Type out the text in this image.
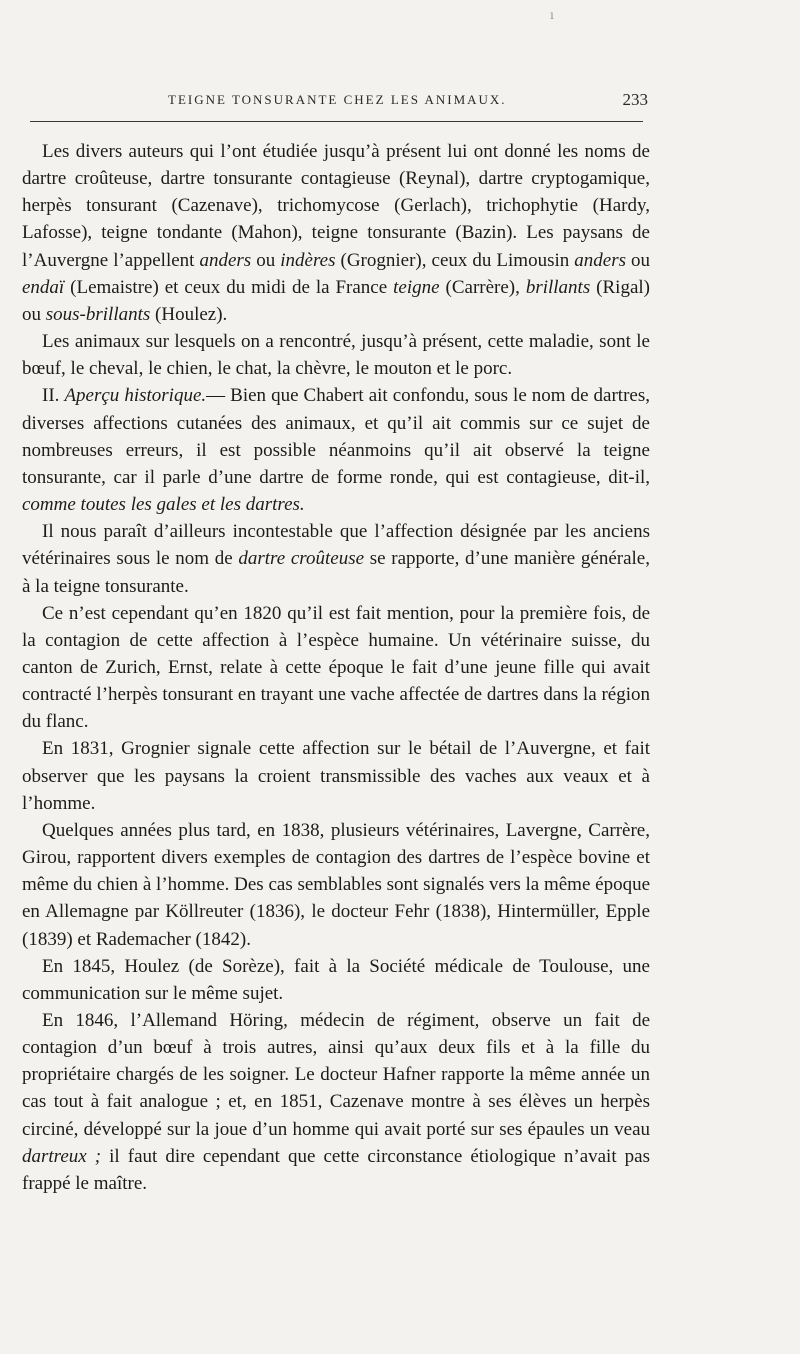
TEIGNE TONSURANTE CHEZ LES ANIMAUX.	233
ı

Les divers auteurs qui l’ont étudiée jusqu’à présent lui ont donné les noms de dartre croûteuse, dartre tonsurante contagieuse (Reynal), dartre cryptogamique, herpès tonsurant (Cazenave), trichomycose (Gerlach), trichophytie (Hardy, Lafosse), teigne tondante (Mahon), teigne tonsurante (Bazin). Les paysans de l’Auvergne l’appellent anders ou indères (Grognier), ceux du Limousin anders ou endaï (Lemaistre) et ceux du midi de la France teigne (Carrère), brillants (Rigal) ou sous-brillants (Houlez).

Les animaux sur lesquels on a rencontré, jusqu’à présent, cette maladie, sont le bœuf, le cheval, le chien, le chat, la chèvre, le mouton et le porc.

II. Aperçu historique.— Bien que Chabert ait confondu, sous le nom de dartres, diverses affections cutanées des animaux, et qu’il ait commis sur ce sujet de nombreuses erreurs, il est possible néanmoins qu’il ait observé la teigne tonsurante, car il parle d’une dartre de forme ronde, qui est contagieuse, dit-il, comme toutes les gales et les dartres.

Il nous paraît d’ailleurs incontestable que l’affection désignée par les anciens vétérinaires sous le nom de dartre croûteuse se rapporte, d’une manière générale, à la teigne tonsurante.

Ce n’est cependant qu’en 1820 qu’il est fait mention, pour la première fois, de la contagion de cette affection à l’espèce humaine. Un vétérinaire suisse, du canton de Zurich, Ernst, relate à cette époque le fait d’une jeune fille qui avait contracté l’herpès tonsurant en trayant une vache affectée de dartres dans la région du flanc.

En 1831, Grognier signale cette affection sur le bétail de l’Auvergne, et fait observer que les paysans la croient transmissible des vaches aux veaux et à l’homme.

Quelques années plus tard, en 1838, plusieurs vétérinaires, Lavergne, Carrère, Girou, rapportent divers exemples de contagion des dartres de l’espèce bovine et même du chien à l’homme. Des cas semblables sont signalés vers la même époque en Allemagne par Köllreuter (1836), le docteur Fehr (1838), Hintermüller, Epple (1839) et Rademacher (1842).

En 1845, Houlez (de Sorèze), fait à la Société médicale de Toulouse, une communication sur le même sujet.

En 1846, l’Allemand Höring, médecin de régiment, observe un fait de contagion d’un bœuf à trois autres, ainsi qu’aux deux fils et à la fille du propriétaire chargés de les soigner. Le docteur Hafner rapporte la même année un cas tout à fait analogue ; et, en 1851, Cazenave montre à ses élèves un herpès circiné, développé sur la joue d’un homme qui avait porté sur ses épaules un veau dartreux ; il faut dire cependant que cette circonstance étiologique n’avait pas frappé le maître.
